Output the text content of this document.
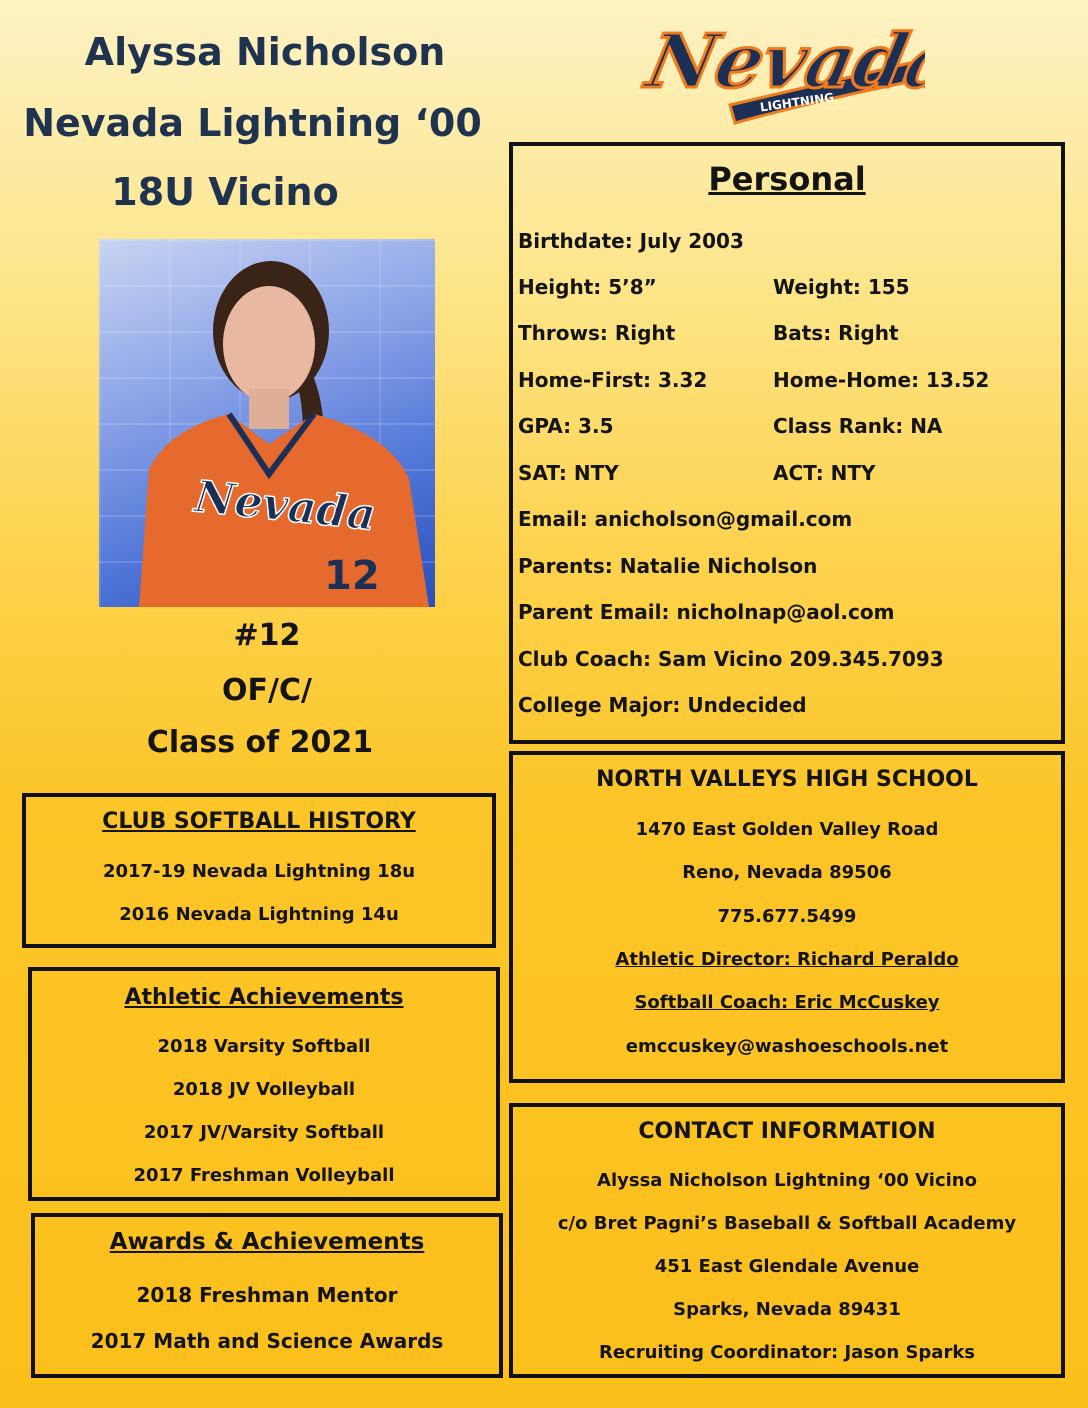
Alyssa Nicholson
Nevada Lightning ‘00
18U Vicino
LIGHTNING
Nevada
Nevada
12
#12
OF/C/
Class of 2021
Personal
Birthdate: July 2003
Height: 5’8”	Weight: 155
Throws: Right	Bats: Right
Home-First: 3.32	Home-Home: 13.52
GPA: 3.5	Class Rank: NA
SAT: NTY	ACT: NTY
Email: anicholson@gmail.com
Parents: Natalie Nicholson
Parent Email: nicholnap@aol.com
Club Coach: Sam Vicino 209.345.7093
College Major: Undecided
CLUB SOFTBALL HISTORY
2017-19 Nevada Lightning 18u
2016 Nevada Lightning 14u
Athletic Achievements
2018 Varsity Softball
2018 JV Volleyball
2017 JV/Varsity Softball
2017 Freshman Volleyball
Awards & Achievements
2018 Freshman Mentor
2017 Math and Science Awards
NORTH VALLEYS HIGH SCHOOL
1470 East Golden Valley Road
Reno, Nevada 89506
775.677.5499
Athletic Director: Richard Peraldo
Softball Coach: Eric McCuskey
emccuskey@washoeschools.net
CONTACT INFORMATION
Alyssa Nicholson Lightning ‘00 Vicino
c/o Bret Pagni’s Baseball & Softball Academy
451 East Glendale Avenue
Sparks, Nevada 89431
Recruiting Coordinator: Jason Sparks
